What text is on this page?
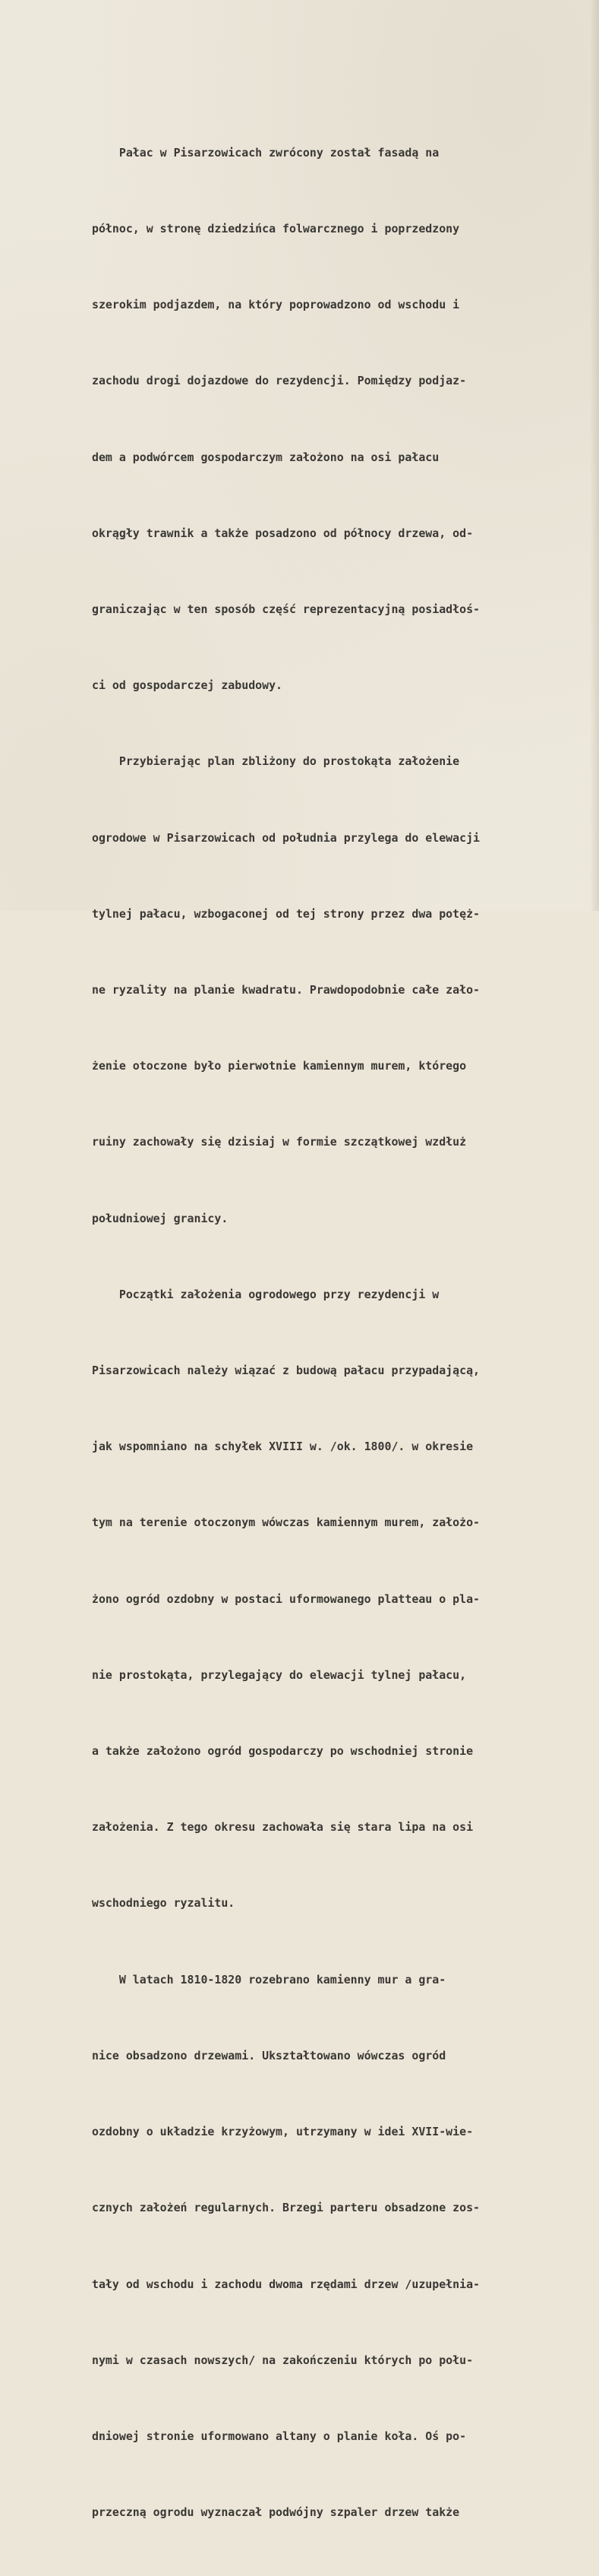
Pałac w Pisarzowicach zwrócony został fasadą na

północ, w stronę dziedzińca folwarcznego i poprzedzony

szerokim podjazdem, na który poprowadzono od wschodu i

zachodu drogi dojazdowe do rezydencji. Pomiędzy podjaz-

dem a podwórcem gospodarczym założono na osi pałacu

okrągły trawnik a także posadzono od północy drzewa, od-

graniczając w ten sposób część reprezentacyjną posiadłoś-

ci od gospodarczej zabudowy.

Przybierając plan zbliżony do prostokąta założenie

ogrodowe w Pisarzowicach od południa przylega do elewacji

tylnej pałacu, wzbogaconej od tej strony przez dwa potęż-

ne ryzality na planie kwadratu. Prawdopodobnie całe zało-

żenie otoczone było pierwotnie kamiennym murem, którego

ruiny zachowały się dzisiaj w formie szczątkowej wzdłuż

południowej granicy.

Początki założenia ogrodowego przy rezydencji w

Pisarzowicach należy wiązać z budową pałacu przypadającą,

jak wspomniano na schyłek XVIII w. /ok. 1800/. w okresie

tym na terenie otoczonym wówczas kamiennym murem, założo-

żono ogród ozdobny w postaci uformowanego platteau o pla-

nie prostokąta, przylegający do elewacji tylnej pałacu,

a także założono ogród gospodarczy po wschodniej stronie

założenia. Z tego okresu zachowała się stara lipa na osi

wschodniego ryzalitu.

W latach 1810-1820 rozebrano kamienny mur a gra-

nice obsadzono drzewami. Ukształtowano wówczas ogród

ozdobny o układzie krzyżowym, utrzymany w idei XVII-wie-

cznych założeń regularnych. Brzegi parteru obsadzone zos-

tały od wschodu i zachodu dwoma rzędami drzew /uzupełnia-

nymi w czasach nowszych/ na zakończeniu których po połu-

dniowej stronie uformowano altany o planie koła. Oś po-

przeczną ogrodu wyznaczał podwójny szpaler drzew także
